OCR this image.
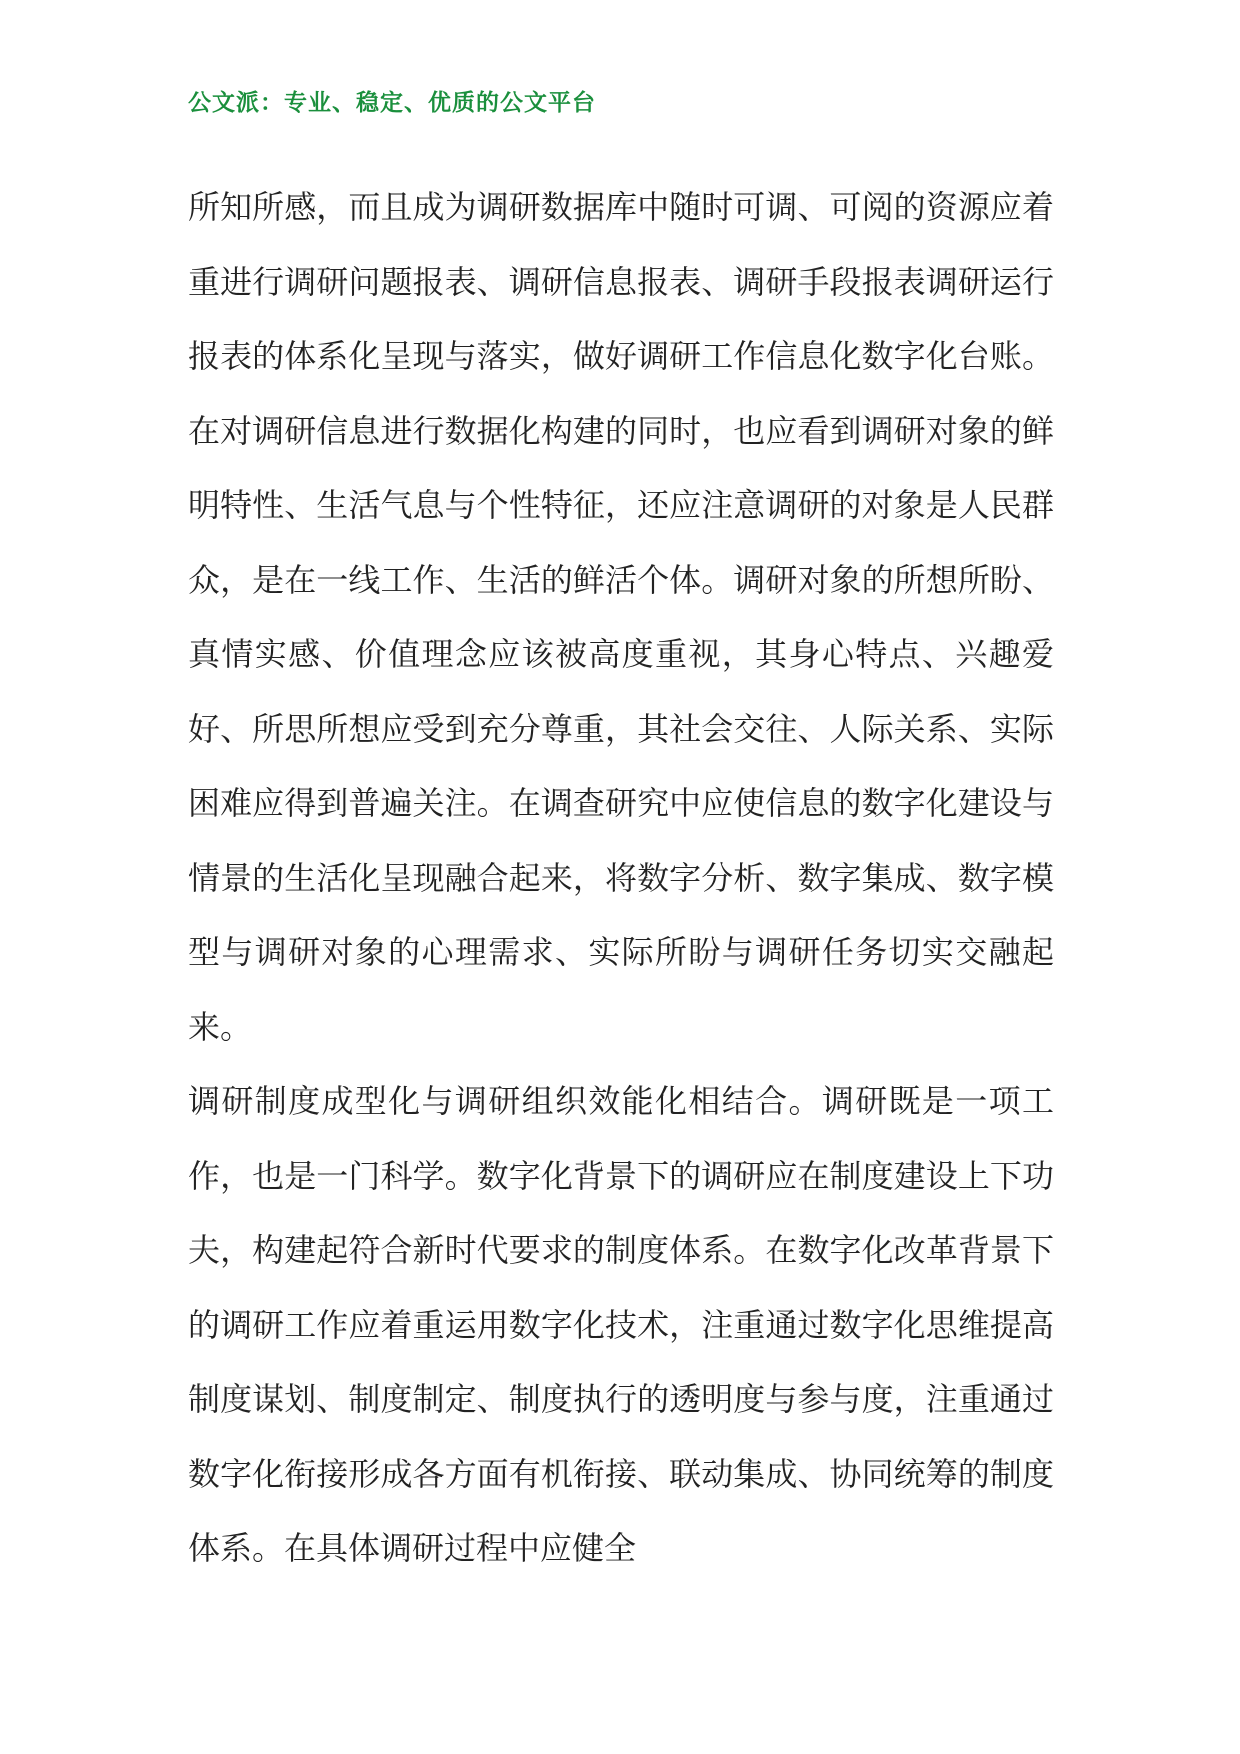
公文派：专业、稳定、优质的公文平台

所知所感，而且成为调研数据库中随时可调、可阅的资源应着重进行调研问题报表、调研信息报表、调研手段报表调研运行报表的体系化呈现与落实，做好调研工作信息化数字化台账。在对调研信息进行数据化构建的同时，也应看到调研对象的鲜明特性、生活气息与个性特征，还应注意调研的对象是人民群众，是在一线工作、生活的鲜活个体。调研对象的所想所盼、真情实感、价值理念应该被高度重视，其身心特点、兴趣爱好、所思所想应受到充分尊重，其社会交往、人际关系、实际困难应得到普遍关注。在调查研究中应使信息的数字化建设与情景的生活化呈现融合起来，将数字分析、数字集成、数字模型与调研对象的心理需求、实际所盼与调研任务切实交融起来。

调研制度成型化与调研组织效能化相结合。调研既是一项工作，也是一门科学。数字化背景下的调研应在制度建设上下功夫，构建起符合新时代要求的制度体系。在数字化改革背景下的调研工作应着重运用数字化技术，注重通过数字化思维提高制度谋划、制度制定、制度执行的透明度与参与度，注重通过数字化衔接形成各方面有机衔接、联动集成、协同统筹的制度体系。在具体调研过程中应健全
